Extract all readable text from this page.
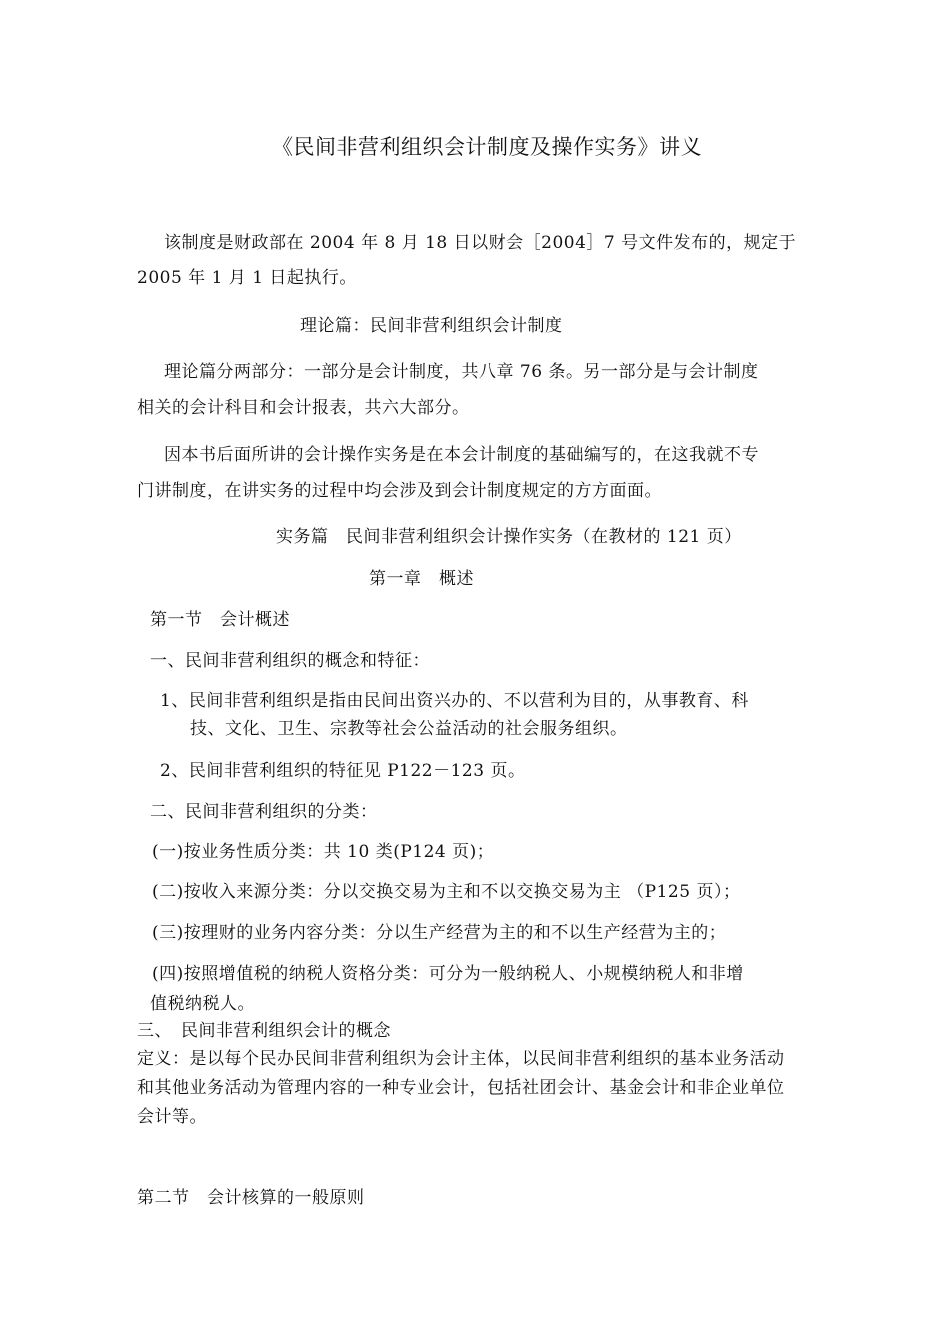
《民间非营利组织会计制度及操作实务》讲义
该制度是财政部在 2004 年 8 月 18 日以财会［2004］7 号文件发布的，规定于
2005 年 1 月 1 日起执行。
理论篇：民间非营利组织会计制度
理论篇分两部分：一部分是会计制度，共八章 76 条。另一部分是与会计制度
相关的会计科目和会计报表，共六大部分。
因本书后面所讲的会计操作实务是在本会计制度的基础编写的，在这我就不专
门讲制度，在讲实务的过程中均会涉及到会计制度规定的方方面面。
实务篇　民间非营利组织会计操作实务（在教材的 121 页）
第一章　概述
第一节　会计概述
一、民间非营利组织的概念和特征：
1、民间非营利组织是指由民间出资兴办的、不以营利为目的，从事教育、科
技、文化、卫生、宗教等社会公益活动的社会服务组织。
2、民间非营利组织的特征见 P122－123 页。
二、民间非营利组织的分类：
(一)按业务性质分类：共 10 类(P124 页)；
(二)按收入来源分类：分以交换交易为主和不以交换交易为主 （P125 页）；
(三)按理财的业务内容分类：分以生产经营为主的和不以生产经营为主的；
(四)按照增值税的纳税人资格分类：可分为一般纳税人、小规模纳税人和非增
值税纳税人。
三、　民间非营利组织会计的概念
定义：是以每个民办民间非营利组织为会计主体，以民间非营利组织的基本业务活动
和其他业务活动为管理内容的一种专业会计，包括社团会计、基金会计和非企业单位
会计等。
第二节　会计核算的一般原则
